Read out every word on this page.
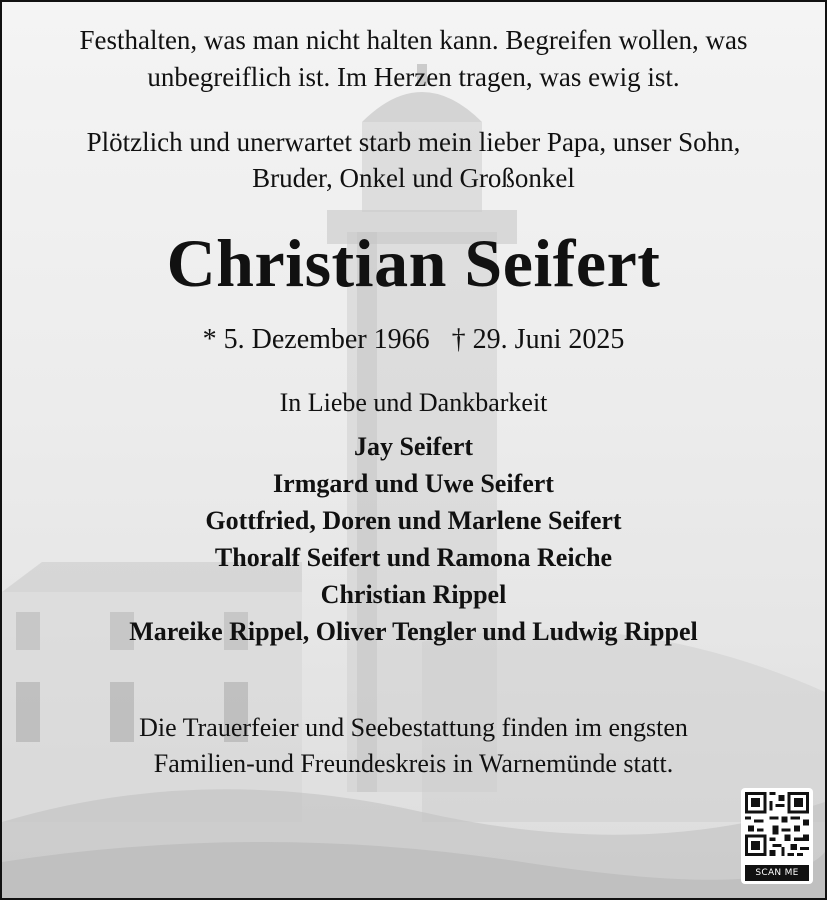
Festhalten, was man nicht halten kann. Begreifen wollen, was
unbegreiflich ist. Im Herzen tragen, was ewig ist.
Plötzlich und unerwartet starb mein lieber Papa, unser Sohn,
Bruder, Onkel und Großonkel
Christian Seifert
* 5. Dezember 1966 † 29. Juni 2025
In Liebe und Dankbarkeit
Jay Seifert
Irmgard und Uwe Seifert
Gottfried, Doren und Marlene Seifert
Thoralf Seifert und Ramona Reiche
Christian Rippel
Mareike Rippel, Oliver Tengler und Ludwig Rippel
Die Trauerfeier und Seebestattung finden im engsten
Familien-und Freundeskreis in Warnemünde statt.
SCAN ME
